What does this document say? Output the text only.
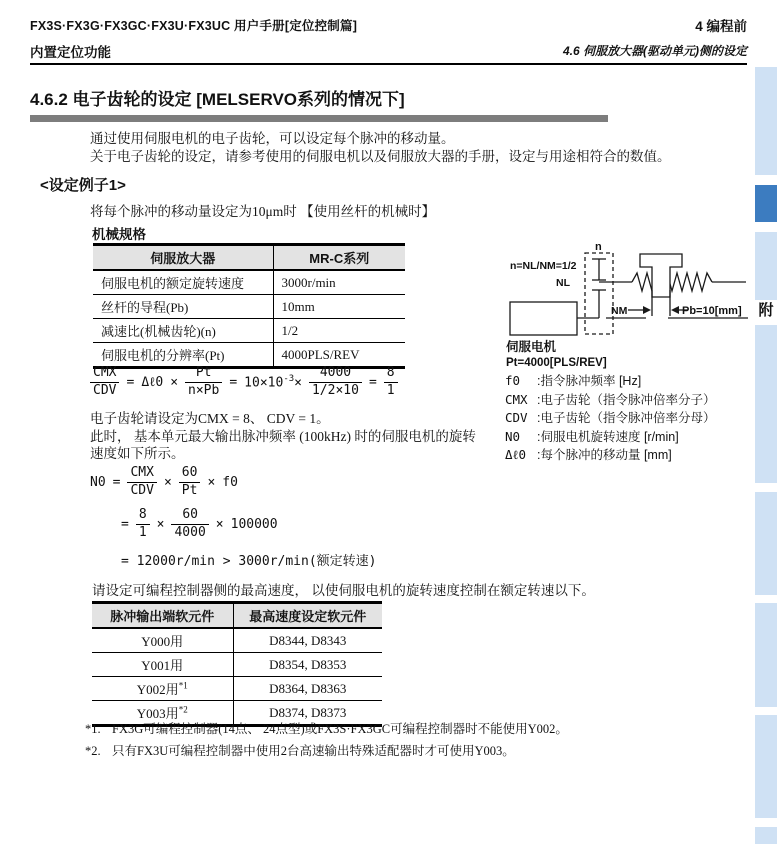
FX3S·FX3G·FX3GC·FX3U·FX3UC 用户手册[定位控制篇]
内置定位功能
4 编程前
4.6 伺服放大器(驱动单元)侧的设定
4.6.2 电子齿轮的设定 [MELSERVO系列的情况下]
通过使用伺服电机的电子齿轮，可以设定每个脉冲的移动量。
关于电子齿轮的设定，请参考使用的伺服电机以及伺服放大器的手册，设定与用途相符合的数值。
<设定例子1>
将每个脉冲的移动量设定为10μm时 【使用丝杆的机械时】
机械规格
伺服放大器	MR-C系列
伺服电机的额定旋转速度	3000r/min
丝杆的导程(Pb)	10mm
减速比(机械齿轮)(n)	1/2
伺服电机的分辨率(Pt)	4000PLS/REV
n
n=NL/NM=1/2
NL
NM	Pb=10[mm]
伺服电机
Pt=4000[PLS/REV]
$\frac{\text{CMX}}{\text{CDV}}$ = Δℓ0 × $\frac{Pt}{n\times Pb} = 10\times 10^{-3}\times \frac{4000}{1/2\times 10} = \frac{8}{1}$	f0 :指令脉冲频率 [Hz]
CMX :电子齿轮（指令脉冲倍率分子）
CDV :电子齿轮（指令脉冲倍率分母）
N0 :伺服电机旋转速度 [r/min]
Δℓ0 :每个脉冲的移动量 [mm]
电子齿轮请设定为CMX = 8、 CDV = 1。
此时， 基本单元最大输出脉冲频率 (100kHz) 时的伺服电机的旋转
速度如下所示。
$N0 = \frac{\text{CMX}}{\text{CDV}} \times \frac{60}{Pt} \times f0$
= $\frac{8}{1} \times \frac{60}{4000} \times 100000$
= 12000r/min > 3000r/min(额定转速)
请设定可编程控制器侧的最高速度， 以使伺服电机的旋转速度控制在额定转速以下。
脉冲输出端软元件	最高速度设定软元件
Y000用	D8344, D8343
Y001用	D8354, D8353
Y002用$^{*1}$	D8364, D8363
Y003用$^{*2}$	D8374, D8373
*1. FX3G可编程控制器(14点、 24点型)或FX3S·FX3GC可编程控制器时不能使用Y002。
*2. 只有FX3U可编程控制器中使用2台高速输出特殊适配器时才可使用Y003。
附
